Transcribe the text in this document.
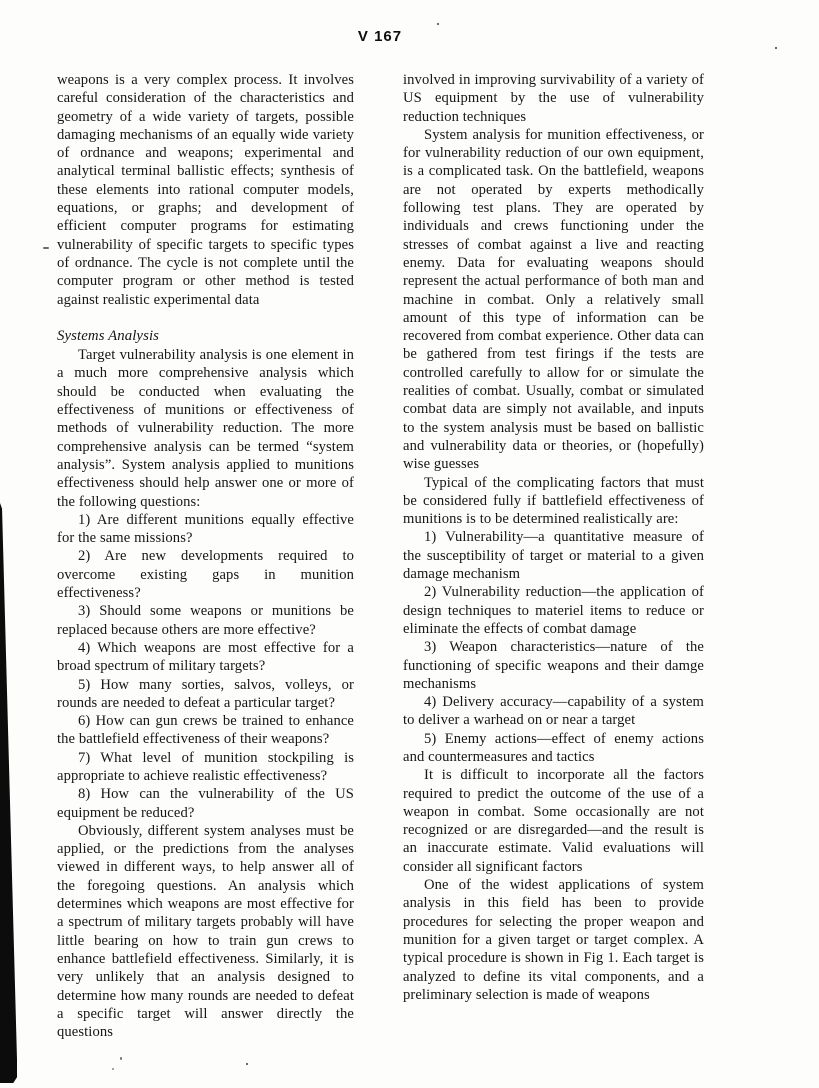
V 167

weapons is a very complex process. It involves careful consideration of the characteristics and geometry of a wide variety of targets, possible damaging mechanisms of an equally wide variety of ordnance and weapons; experimental and analytical terminal ballistic effects; synthesis of these elements into rational computer models, equations, or graphs; and development of efficient computer programs for estimating vulnerability of specific targets to specific types of ordnance. The cycle is not complete until the computer program or other method is tested against realistic experimental data

Systems Analysis

Target vulnerability analysis is one element in a much more comprehensive analysis which should be conducted when evaluating the effectiveness of munitions or effectiveness of methods of vulnerability reduction. The more comprehensive analysis can be termed “system analysis”. System analysis applied to munitions effectiveness should help answer one or more of the following questions:

1) Are different munitions equally effective for the same missions?

2) Are new developments required to overcome existing gaps in munition effectiveness?

3) Should some weapons or munitions be replaced because others are more effective?

4) Which weapons are most effective for a broad spectrum of military targets?

5) How many sorties, salvos, volleys, or rounds are needed to defeat a particular target?

6) How can gun crews be trained to enhance the battlefield effectiveness of their weapons?

7) What level of munition stockpiling is appropriate to achieve realistic effectiveness?

8) How can the vulnerability of the US equipment be reduced?

Obviously, different system analyses must be applied, or the predictions from the analyses viewed in different ways, to help answer all of the foregoing questions. An analysis which determines which weapons are most effective for a spectrum of military targets probably will have little bearing on how to train gun crews to enhance battlefield effectiveness. Similarly, it is very unlikely that an analysis designed to determine how many rounds are needed to defeat a specific target will answer directly the questions

involved in improving survivability of a variety of US equipment by the use of vulnerability reduction techniques

System analysis for munition effectiveness, or for vulnerability reduction of our own equipment, is a complicated task. On the battlefield, weapons are not operated by experts methodically following test plans. They are operated by individuals and crews functioning under the stresses of combat against a live and reacting enemy. Data for evaluating weapons should represent the actual performance of both man and machine in combat. Only a relatively small amount of this type of information can be recovered from combat experience. Other data can be gathered from test firings if the tests are controlled carefully to allow for or simulate the realities of combat. Usually, combat or simulated combat data are simply not available, and inputs to the system analysis must be based on ballistic and vulnerability data or theories, or (hopefully) wise guesses

Typical of the complicating factors that must be considered fully if battlefield effectiveness of munitions is to be determined realistically are:

1) Vulnerability—a quantitative measure of the susceptibility of target or material to a given damage mechanism

2) Vulnerability reduction—the application of design techniques to materiel items to reduce or eliminate the effects of combat damage

3) Weapon characteristics—nature of the functioning of specific weapons and their damge mechanisms

4) Delivery accuracy—capability of a system to deliver a warhead on or near a target

5) Enemy actions—effect of enemy actions and countermeasures and tactics

It is difficult to incorporate all the factors required to predict the outcome of the use of a weapon in combat. Some occasionally are not recognized or are disregarded—and the result is an inaccurate estimate. Valid evaluations will consider all significant factors

One of the widest applications of system analysis in this field has been to provide procedures for selecting the proper weapon and munition for a given target or target complex. A typical procedure is shown in Fig 1. Each target is analyzed to define its vital components, and a preliminary selection is made of weapons
